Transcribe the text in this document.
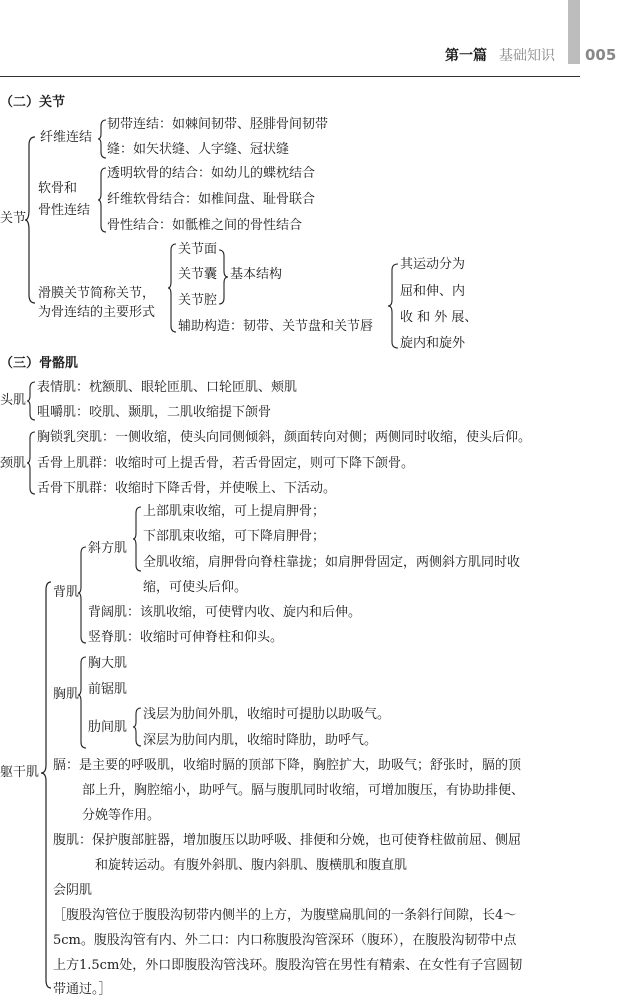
第一篇 基础知识 005
（二）关节
关节
纤维连结
韧带连结：如棘间韧带、胫腓骨间韧带
缝：如矢状缝、人字缝、冠状缝
软骨和
骨性连结
透明软骨的结合：如幼儿的蝶枕结合
纤维软骨结合：如椎间盘、耻骨联合
骨性结合：如骶椎之间的骨性结合
滑膜关节简称关节，
为骨连结的主要形式
关节面
关节囊
关节腔
基本结构
辅助构造：韧带、关节盘和关节唇
其运动分为
屈和伸、内
收 和 外 展、
旋内和旋外
（三）骨骼肌
头肌
表情肌：枕额肌、眼轮匝肌、口轮匝肌、颊肌
咀嚼肌：咬肌、颞肌，二肌收缩提下颌骨
颈肌
胸锁乳突肌：一侧收缩，使头向同侧倾斜，颜面转向对侧；两侧同时收缩，使头后仰。
舌骨上肌群：收缩时可上提舌骨，若舌骨固定，则可下降下颌骨。
舌骨下肌群：收缩时下降舌骨，并使喉上、下活动。
躯干肌
背肌
斜方肌
上部肌束收缩，可上提肩胛骨；
下部肌束收缩，可下降肩胛骨；
全肌收缩，肩胛骨向脊柱靠拢；如肩胛骨固定，两侧斜方肌同时收
缩，可使头后仰。
背阔肌：该肌收缩，可使臂内收、旋内和后伸。
竖脊肌：收缩时可伸脊柱和仰头。
胸肌
胸大肌
前锯肌
肋间肌
浅层为肋间外肌，收缩时可提肋以助吸气。
深层为肋间内肌，收缩时降肋，助呼气。
膈：是主要的呼吸肌，收缩时膈的顶部下降，胸腔扩大，助吸气；舒张时，膈的顶
部上升，胸腔缩小，助呼气。膈与腹肌同时收缩，可增加腹压，有协助排便、
分娩等作用。
腹肌：保护腹部脏器，增加腹压以助呼吸、排便和分娩，也可使脊柱做前屈、侧屈
和旋转运动。有腹外斜肌、腹内斜肌、腹横肌和腹直肌
会阴肌
［腹股沟管位于腹股沟韧带内侧半的上方，为腹壁扁肌间的一条斜行间隙，长4～
5cm。腹股沟管有内、外二口：内口称腹股沟管深环（腹环），在腹股沟韧带中点
上方1.5cm处，外口即腹股沟管浅环。腹股沟管在男性有精索、在女性有子宫圆韧
带通过。］
